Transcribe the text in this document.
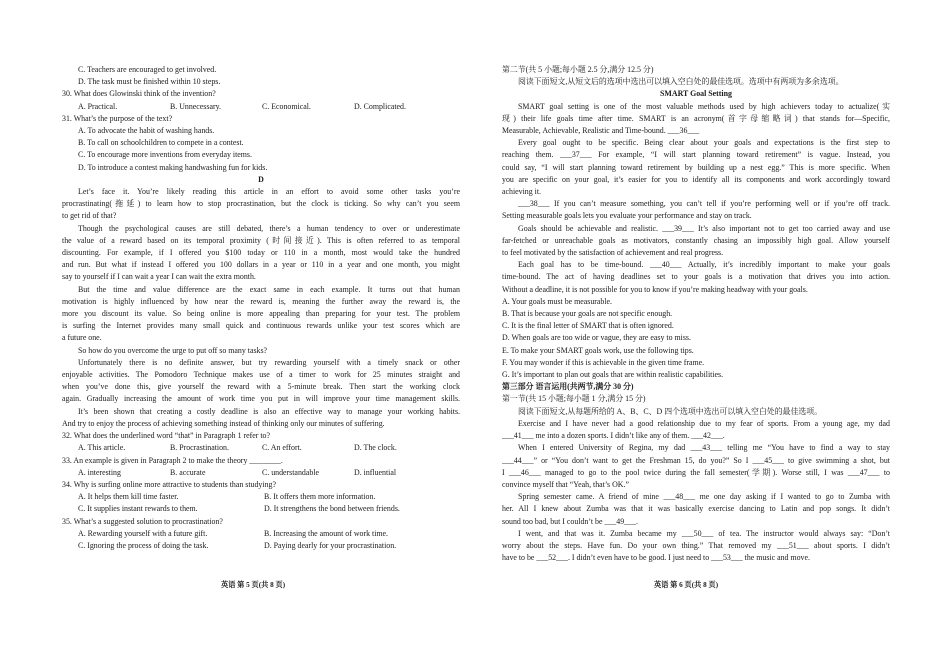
C. Teachers are encouraged to get involved.
D. The task must be finished within 10 steps.
30. What does Glowinski think of the invention?
A. Practical.	B. Unnecessary.	C. Economical.	D. Complicated.
31. What’s the purpose of the text?
A. To advocate the habit of washing hands.
B. To call on schoolchildren to compete in a contest.
C. To encourage more inventions from everyday items.
D. To introduce a contest making handwashing fun for kids.
D
Let’s face it. You’re likely reading this article in an effort to avoid some other tasks you’re
procrastinating(拖延) to learn how to stop procrastination, but the clock is ticking. So why can’t you seem
to get rid of that?
Though the psychological causes are still debated, there’s a human tendency to over or underestimate
the value of a reward based on its temporal proximity (时间接近). This is often referred to as temporal
discounting. For example, if I offered you $100 today or 110 in a month, most would take the hundred
and run. But what if instead I offered you 100 dollars in a year or 110 in a year and one month, you might
say to yourself if I can wait a year I can wait the extra month.
But the time and value difference are the exact same in each example. It turns out that human
motivation is highly influenced by how near the reward is, meaning the further away the reward is, the
more you discount its value. So being online is more appealing than preparing for your test. The problem
is surfing the Internet provides many small quick and continuous rewards unlike your test scores which are
a future one.
So how do you overcome the urge to put off so many tasks?
Unfortunately there is no definite answer, but try rewarding yourself with a timely snack or other
enjoyable activities. The Pomodoro Technique makes use of a timer to work for 25 minutes straight and
when you’ve done this, give yourself the reward with a 5-minute break. Then start the working clock
again. Gradually increasing the amount of work time you put in will improve your time management skills.
It’s been shown that creating a costly deadline is also an effective way to manage your working habits.
And try to enjoy the process of achieving something instead of thinking only our minutes of suffering.
32. What does the underlined word “that” in Paragraph 1 refer to?
A. This article.	B. Procrastination.	C. An effort.	D. The clock.
33. An example is given in Paragraph 2 to make the theory ________.
A. interesting	B. accurate	C. understandable	D. influential
34. Why is surfing online more attractive to students than studying?
A. It helps them kill time faster.	B. It offers them more information.
C. It supplies instant rewards to them.	D. It strengthens the bond between friends.
35. What’s a suggested solution to procrastination?
A. Rewarding yourself with a future gift.	B. Increasing the amount of work time.
C. Ignoring the process of doing the task.	D. Paying dearly for your procrastination.
第二节(共 5 小题;每小题 2.5 分,满分 12.5 分)
阅读下面短文,从短文后的选项中选出可以填入空白处的最佳选项。选项中有两项为多余选项。
SMART Goal Setting
SMART goal setting is one of the most valuable methods used by high achievers today to actualize(实
现) their life goals time after time. SMART is an acronym(首字母缩略词) that stands for—Specific,
Measurable, Achievable, Realistic and Time-bound. ___36___
Every goal ought to be specific. Being clear about your goals and expectations is the first step to
reaching them. ___37___ For example, “I will start planning toward retirement” is vague. Instead, you
could say, “I will start planning toward retirement by building up a nest egg.” This is more specific. When
you are specific on your goal, it’s easier for you to identify all its components and work accordingly toward
achieving it.
___38___ If you can’t measure something, you can’t tell if you’re performing well or if you’re off track.
Setting measurable goals lets you evaluate your performance and stay on track.
Goals should be achievable and realistic. ___39___ It’s also important not to get too carried away and use
far-fetched or unreachable goals as motivators, constantly chasing an impossibly high goal. Allow yourself
to feel motivated by the satisfaction of achievement and real progress.
Each goal has to be time-bound. ___40___ Actually, it’s incredibly important to make your goals
time-bound. The act of having deadlines set to your goals is a motivation that drives you into action.
Without a deadline, it is not possible for you to know if you’re making headway with your goals.
A. Your goals must be measurable.
B. That is because your goals are not specific enough.
C. It is the final letter of SMART that is often ignored.
D. When goals are too wide or vague, they are easy to miss.
E. To make your SMART goals work, use the following tips.
F. You may wonder if this is achievable in the given time frame.
G. It’s important to plan out goals that are within realistic capabilities.
第三部分 语言运用(共两节,满分 30 分)
第一节(共 15 小题;每小题 1 分,满分 15 分)
阅读下面短文,从每题所给的 A、B、C、D 四个选项中选出可以填入空白处的最佳选项。
Exercise and I have never had a good relationship due to my fear of sports. From a young age, my dad
___41___ me into a dozen sports. I didn’t like any of them. ___42___.
When I entered University of Regina, my dad ___43___ telling me “You have to find a way to stay
___44___” or “You don’t want to get the Freshman 15, do you?” So I ___45___ to give swimming a shot, but
I ___46___ managed to go to the pool twice during the fall semester(学期). Worse still, I was ___47___ to
convince myself that “Yeah, that’s OK.”
Spring semester came. A friend of mine ___48___ me one day asking if I wanted to go to Zumba with
her. All I knew about Zumba was that it was basically exercise dancing to Latin and pop songs. It didn’t
sound too bad, but I couldn’t be ___49___.
I went, and that was it. Zumba became my ___50___ of tea. The instructor would always say: “Don’t
worry about the steps. Have fun. Do your own thing.” That removed my ___51___ about sports. I didn’t
have to be ___52___. I didn’t even have to be good. I just need to ___53___ the music and move.
英语 第 5 页(共 8 页)	英语 第 6 页(共 8 页)
